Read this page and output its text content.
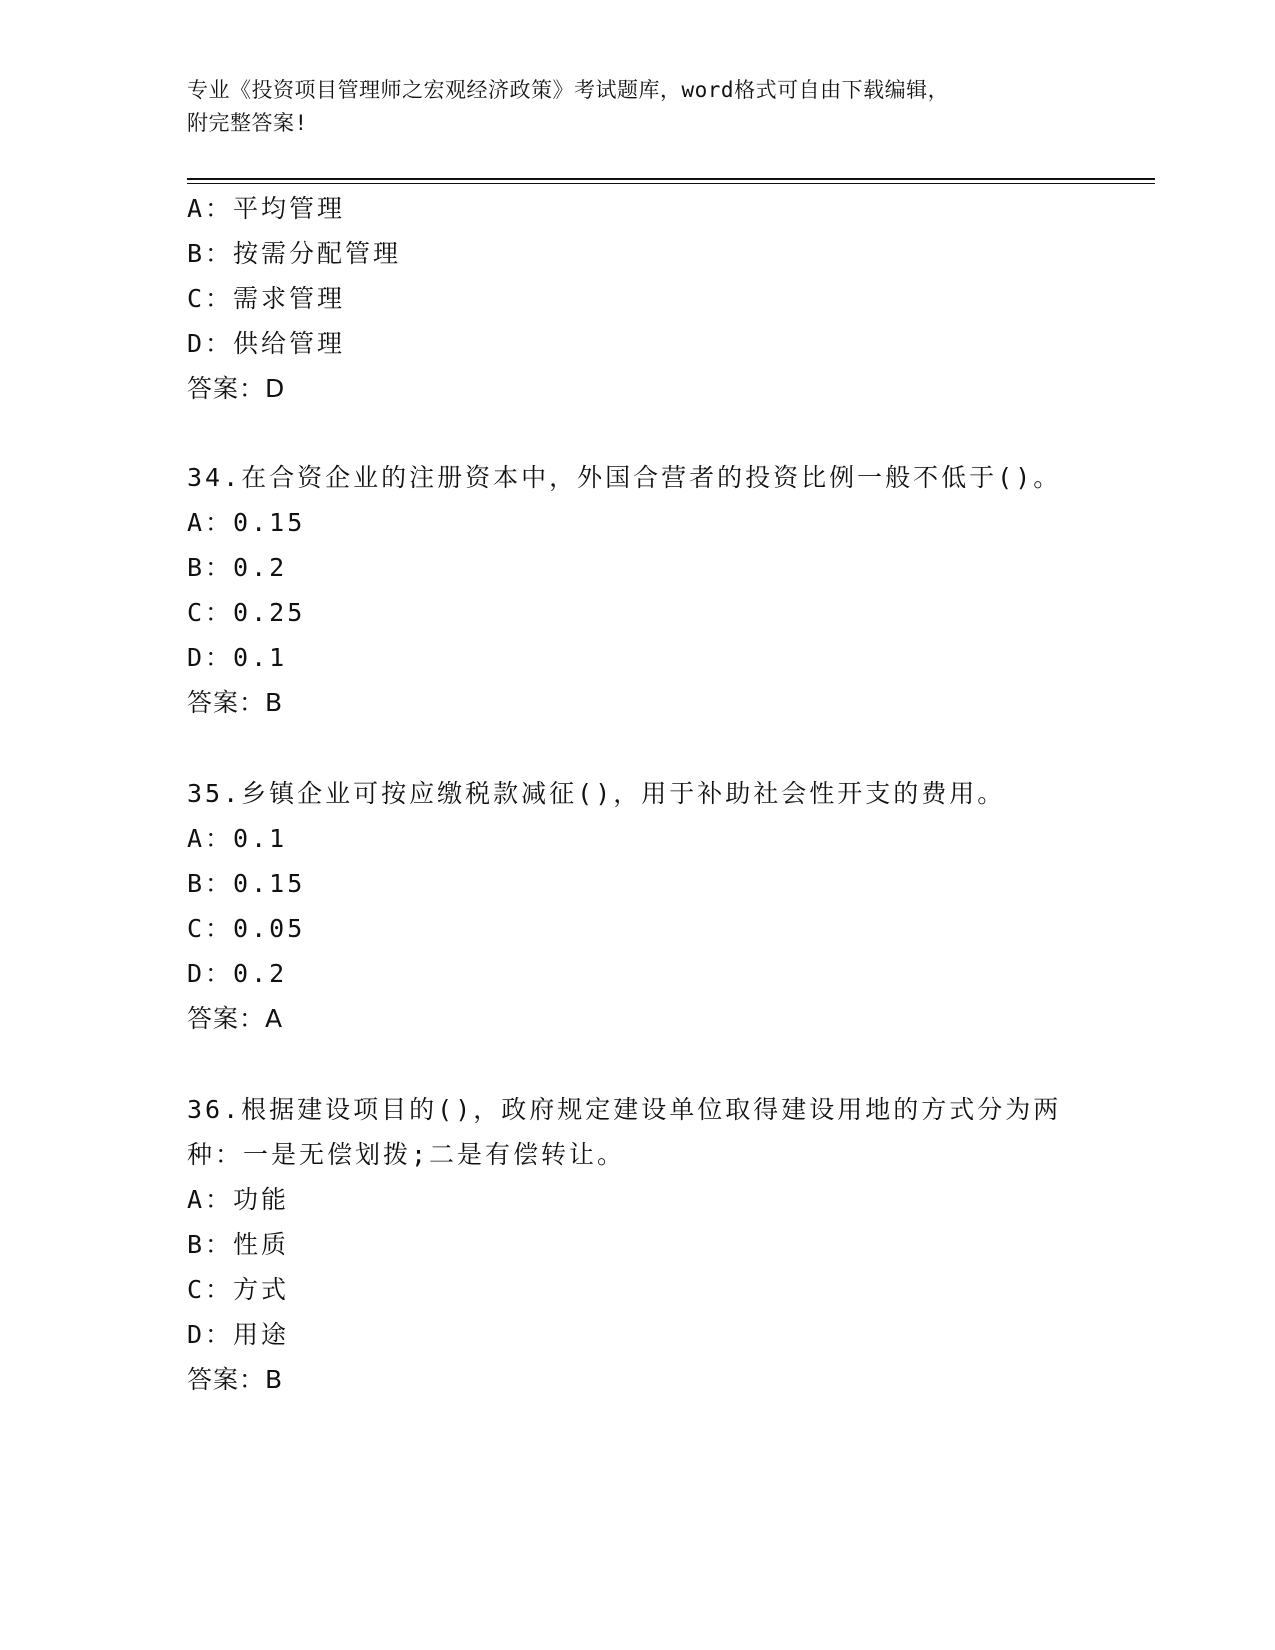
专业《投资项目管理师之宏观经济政策》考试题库，word格式可自由下载编辑，
附完整答案!
A：平均管理
B：按需分配管理
C：需求管理
D：供给管理
答案：D
34.在合资企业的注册资本中，外国合营者的投资比例一般不低于()。
A：0.15
B：0.2
C：0.25
D：0.1
答案：B
35.乡镇企业可按应缴税款减征()，用于补助社会性开支的费用。
A：0.1
B：0.15
C：0.05
D：0.2
答案：A
36.根据建设项目的()，政府规定建设单位取得建设用地的方式分为两
种：一是无偿划拨;二是有偿转让。
A：功能
B：性质
C：方式
D：用途
答案：B
